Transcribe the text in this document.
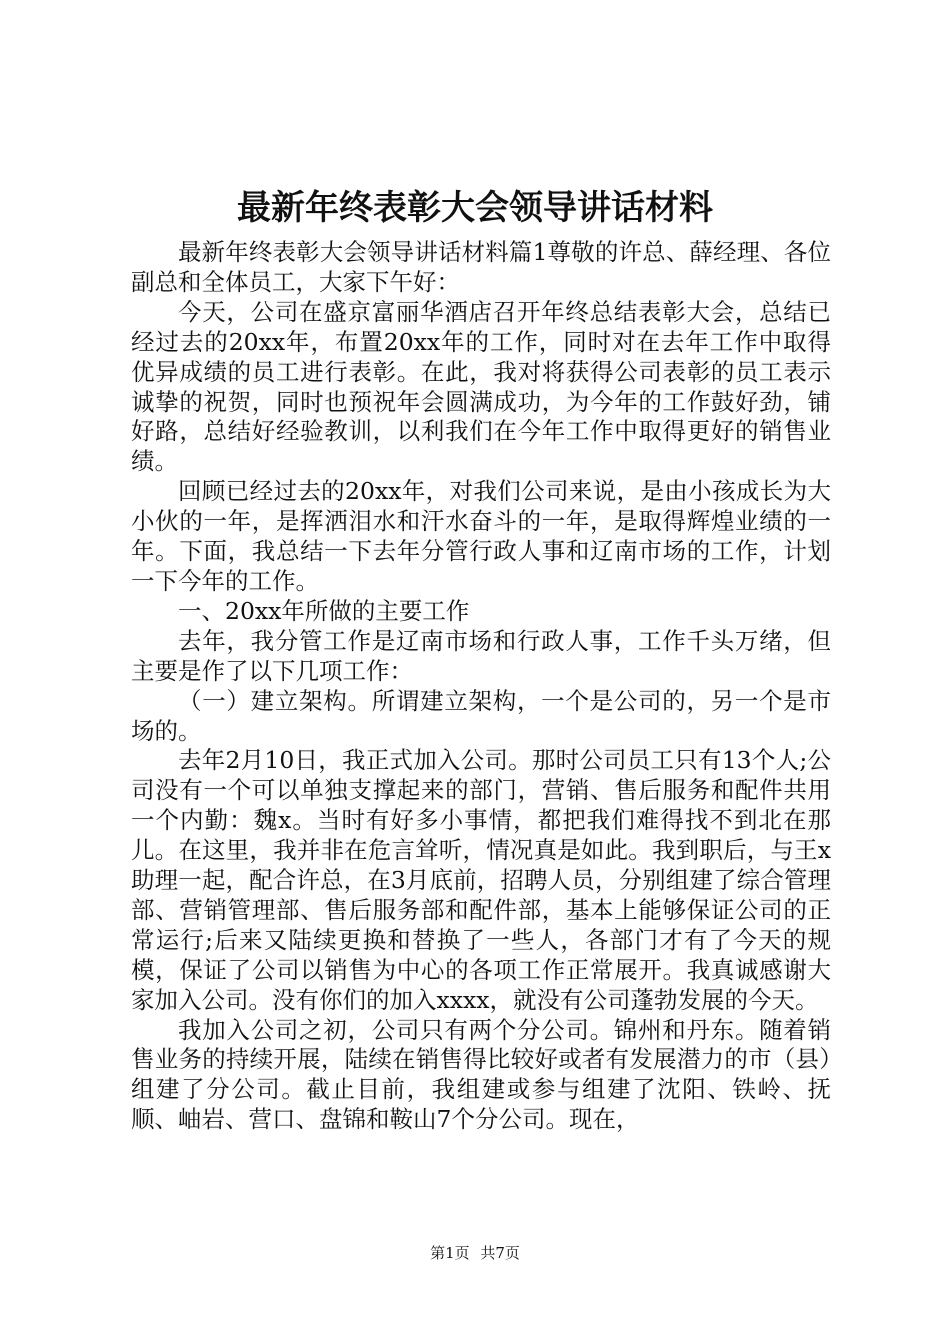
最新年终表彰大会领导讲话材料

最新年终表彰大会领导讲话材料篇1尊敬的许总、薛经理、各位副总和全体员工，大家下午好：

今天，公司在盛京富丽华酒店召开年终总结表彰大会，总结已经过去的20xx年，布置20xx年的工作，同时对在去年工作中取得优异成绩的员工进行表彰。在此，我对将获得公司表彰的员工表示诚挚的祝贺，同时也预祝年会圆满成功，为今年的工作鼓好劲，铺好路，总结好经验教训，以利我们在今年工作中取得更好的销售业绩。

回顾已经过去的20xx年，对我们公司来说，是由小孩成长为大小伙的一年，是挥洒泪水和汗水奋斗的一年，是取得辉煌业绩的一年。下面，我总结一下去年分管行政人事和辽南市场的工作，计划一下今年的工作。

一、20xx年所做的主要工作

去年，我分管工作是辽南市场和行政人事，工作千头万绪，但主要是作了以下几项工作：

（一）建立架构。所谓建立架构，一个是公司的，另一个是市场的。

去年2月10日，我正式加入公司。那时公司员工只有13个人;公司没有一个可以单独支撑起来的部门，营销、售后服务和配件共用一个内勤：魏x。当时有好多小事情，都把我们难得找不到北在那儿。在这里，我并非在危言耸听，情况真是如此。我到职后，与王x助理一起，配合许总，在3月底前，招聘人员，分别组建了综合管理部、营销管理部、售后服务部和配件部，基本上能够保证公司的正常运行;后来又陆续更换和替换了一些人，各部门才有了今天的规模，保证了公司以销售为中心的各项工作正常展开。我真诚感谢大家加入公司。没有你们的加入xxxx，就没有公司蓬勃发展的今天。

我加入公司之初，公司只有两个分公司。锦州和丹东。随着销售业务的持续开展，陆续在销售得比较好或者有发展潜力的市（县）组建了分公司。截止目前，我组建或参与组建了沈阳、铁岭、抚顺、岫岩、营口、盘锦和鞍山7个分公司。现在，

第1页 共7页
